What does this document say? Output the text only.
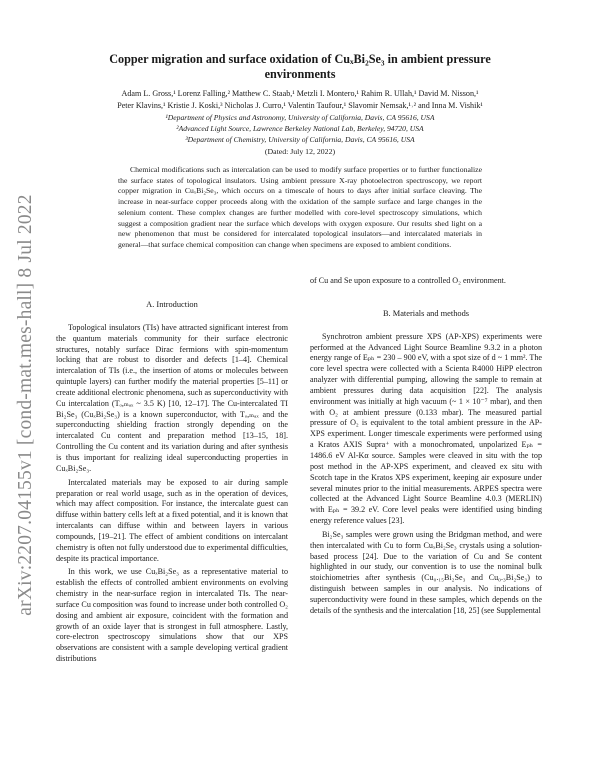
arXiv:2207.04155v1 [cond-mat.mes-hall] 8 Jul 2022
Copper migration and surface oxidation of CuₓBi₂Se₃ in ambient pressure environments
Adam L. Gross,¹ Lorenz Falling,² Matthew C. Staab,¹ Metzli I. Montero,¹ Rahim R. Ullah,¹ David M. Nisson,¹
Peter Klavins,¹ Kristie J. Koski,³ Nicholas J. Curro,¹ Valentin Taufour,¹ Slavomir Nemsak,¹˒² and Inna M. Vishik¹
¹Department of Physics and Astronomy, University of California, Davis, CA 95616, USA
²Advanced Light Source, Lawrence Berkeley National Lab, Berkeley, 94720, USA
³Department of Chemistry, University of California, Davis, CA 95616, USA
(Dated: July 12, 2022)

Chemical modifications such as intercalation can be used to modify surface properties or to further functionalize the surface states of topological insulators. Using ambient pressure X-ray photoelectron spectroscopy, we report copper migration in CuₓBi₂Se₃, which occurs on a timescale of hours to days after initial surface cleaving. The increase in near-surface copper proceeds along with the oxidation of the sample surface and large changes in the selenium content. These complex changes are further modelled with core-level spectroscopy simulations, which suggest a composition gradient near the surface which develops with oxygen exposure. Our results shed light on a new phenomenon that must be considered for intercalated topological insulators—and intercalated materials in general—that surface chemical composition can change when specimens are exposed to ambient conditions.

A. Introduction

Topological insulators (TIs) have attracted significant interest from the quantum materials community for their surface electronic structures, notably surface Dirac fermions with spin-momentum locking that are robust to disorder and defects [1–4]. Chemical intercalation of TIs (i.e., the insertion of atoms or molecules between quintuple layers) can further modify the material properties [5–11] or create additional electronic phenomena, such as superconductivity with Cu intercalation (Tₒ,ₘₐₓ ~ 3.5 K) [10, 12–17]. The Cu-intercalated TI Bi₂Se₃ (CuₓBi₂Se₃) is a known superconductor, with Tₒ,ₘₐₓ and the superconducting shielding fraction strongly depending on the intercalated Cu content and preparation method [13–15, 18]. Controlling the Cu content and its variation during and after synthesis is thus important for realizing ideal superconducting properties in CuₓBi₂Se₃.

Intercalated materials may be exposed to air during sample preparation or real world usage, such as in the operation of devices, which may affect composition. For instance, the intercalate guest can diffuse within battery cells left at a fixed potential, and it is known that intercalants can diffuse within and between layers in various compounds, [19–21]. The effect of ambient conditions on intercalant chemistry is often not fully understood due to experimental difficulties, despite its practical importance.

In this work, we use CuₓBi₂Se₃ as a representative material to establish the effects of controlled ambient environments on evolving chemistry in the near-surface region in intercalated TIs. The near-surface Cu composition was found to increase under both controlled O₂ dosing and ambient air exposure, coincident with the formation and growth of an oxide layer that is strongest in full atmosphere. Lastly, core-electron spectroscopy simulations show that our XPS observations are consistent with a sample developing vertical gradient distributions

of Cu and Se upon exposure to a controlled O₂ environment.

B. Materials and methods

Synchrotron ambient pressure XPS (AP-XPS) experiments were performed at the Advanced Light Source Beamline 9.3.2 in a photon energy range of Eₚₕ = 230 – 900 eV, with a spot size of d ~ 1 mm². The core level spectra were collected with a Scienta R4000 HiPP electron analyzer with differential pumping, allowing the sample to remain at ambient pressures during data acquisition [22]. The analysis environment was initially at high vacuum (~ 1 × 10⁻⁷ mbar), and then with O₂ at ambient pressure (0.133 mbar). The measured partial pressure of O₂ is equivalent to the total ambient pressure in the AP-XPS experiment. Longer timescale experiments were performed using a Kratos AXIS Supra⁺ with a monochromated, unpolarized Eₚₕ = 1486.6 eV Al-Kα source. Samples were cleaved in situ with the top post method in the AP-XPS experiment, and cleaved ex situ with Scotch tape in the Kratos XPS experiment, keeping air exposure under several minutes prior to the initial measurements. ARPES spectra were collected at the Advanced Light Source Beamline 4.0.3 (MERLIN) with Eₚₕ = 39.2 eV. Core level peaks were identified using binding energy reference values [23].

Bi₂Se₃ samples were grown using the Bridgman method, and were then intercalated with Cu to form CuₓBi₂Se₃ crystals using a solution-based process [24]. Due to the variation of Cu and Se content highlighted in our study, our convention is to use the nominal bulk stoichiometries after synthesis (Cu₀.₁₅Bi₂Se₃ and Cu₀.₃Bi₂Se₃) to distinguish between samples in our analysis. No indications of superconductivity were found in these samples, which depends on the details of the synthesis and the intercalation [18, 25] (see Supplemental
